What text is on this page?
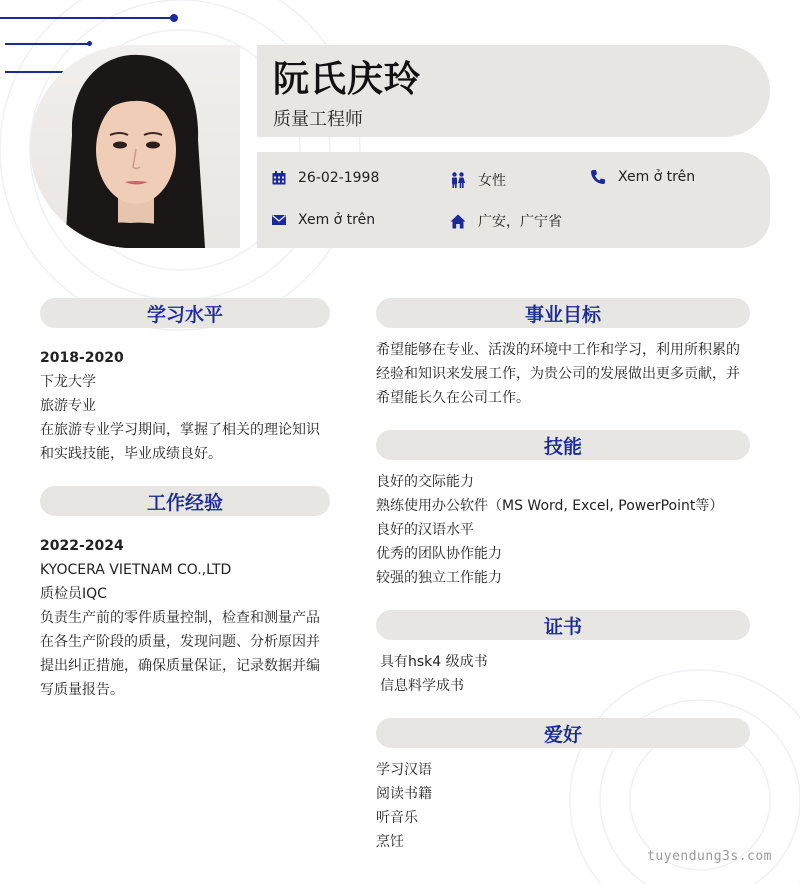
阮氏庆玲
质量工程师
26-02-1998	女性	Xem ở trên
Xem ở trên	广安，广宁省
学习水平
2018-2020
下龙大学
旅游专业
在旅游专业学习期间，掌握了相关的理论知识
和实践技能，毕业成绩良好。
工作经验
2022-2024
KYOCERA VIETNAM CO.,LTD
质检员IQC
负责生产前的零件质量控制，检查和测量产品
在各生产阶段的质量，发现问题、分析原因并
提出纠正措施，确保质量保证，记录数据并编
写质量报告。
事业目标
希望能够在专业、活泼的环境中工作和学习，利用所积累的
经验和知识来发展工作，为贵公司的发展做出更多贡献，并
希望能长久在公司工作。
技能
良好的交际能力
熟练使用办公软件（MS Word, Excel, PowerPoint等）
良好的汉语水平
优秀的团队协作能力
较强的独立工作能力
证书
具有hsk4 级成书
信息料学成书
爱好
学习汉语
阅读书籍
听音乐
烹饪
tuyendung3s.com
